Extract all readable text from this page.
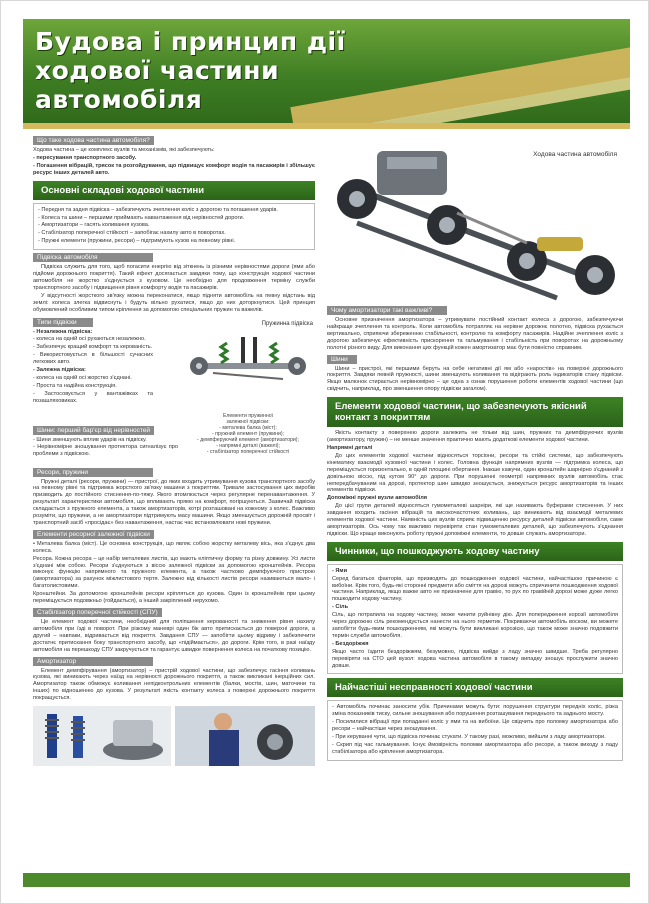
Будова і принцип дії
ходової частини
автомобіля
Що таке ходова частина автомобіля?

Ходова частина – це комплекс вузлів та механізмів, які забезпечують:

- пересування транспортного засобу.

- Погашення вібрацій, трясок та розгойдування, що підвищує комфорт водія та пасажирів і збільшує ресурс інших деталей авто.

Основні складові ходової частини

- Передня та задня підвіска – забезпечують зчеплення коліс з дорогою та погашення ударів.

- Колеса та шини – першими приймають навантаження від нерівностей дороги.

- Амортизатори – гасять коливання кузова.

- Стабілізатор поперечної стійкості – запобігає нахилу авто в поворотах.

- Пружні елементи (пружини, ресори) – підтримують кузов на певному рівні.

Підвіска автомобіля

Підвіска служить для того, щоб погасити енергію від зіткнень із різними нерівностями дороги (ями або підйоми дорожнього покриття). Такий ефект досягається завдяки тому, що конструкція ходової частини автомобіля не жорстко з'єднується з кузовом. Це необхідно для продовження терміну служби транспортного засобу і підвищення рівня комфорту водія та пасажирів.

У відсутності жорсткого зв'язку можна переконатися, якщо підняти автомобіль на певну відстань від землі: колеса злегка відвиснуть і будуть вільно рухатися, якщо до них доторкнутися. Цей принцип обумовлений особливим типом кріплення за допомогою спеціальних пружин та важелів.

Типи підвіски

- Незалежна підвіска:

- колеса на одній осі рухаються незалежно.

- Забезпечує кращий комфорт та керованість.

- Використовується в більшості сучасних легкових авто.

- Залежна підвіска:

- колеса на одній осі жорстко з'єднані.

- Проста та надійна конструкція.

- Застосовується у вантажівках та позашляховиках.

Пружинна підвіска
Елементи пружинної
залежної підвіски:
- металева балка (міст);
- пружний елемент (пружини);
- демпферуючий елемент (амортизатори);
- напрямні деталі (важелі);
- стабілізатор поперечної стійкості
Шини: перший бар'єр від нерівностей

- Шини зменшують вплив ударів на підвіску.

- Нерівномірне зношування протектора сигналізує про проблеми з підвіскою.

Ресори, пружини

Пружні деталі (ресори, пружини) — пристрої, до яких входить утримування кузова транспортного засобу на певному рівні та підтримка жорсткого зв'язку машини з покриттям. Тривале застосування цих виробів призводить до постійного стиснення-по-тяжу. Якого втомлюється через регулярне перенавантаження. У результаті характеристики автомобіля, що впливають прямо на комфорт, погіршуються. Зазвичай підвіска складається з пружного елемента, а також амортизаторів, котрі розташовані на кожному з колес. Важливо розуміти, що пружини, а не амортизатори підтримують масу машини. Якщо зменшується дорожній просвіт і транспортний засіб «просідає» без навантаження, настає час встановлювати нові пружини.

Елементи ресорної залежної підвіски

• Металева балка (міст). Це основна конструкція, що являє собою жорстку металеву вісь, яка з'єднує два колеса.

Ресора. Кожна ресора – це набір металевих листів, що мають еліптичну форму та різну довжину. Усі листи з'єднані між собою. Ресори з'єднуються з віссю залежної підвіски за допомогою кронштейнів. Ресора виконує функцію напрямного та пружного елемента, а також частково демпфуючого пристрою (амортизатора) за рахунок міжлистового тертя. Залежно від кількості листів ресори називаються мало- і багатолистовими.

Кронштейни. За допомогою кронштейнів ресори кріпляться до кузова. Один із кронштейнів при цьому переміщується подовжньо (гойдається), а інший закріплений нерухомо.

Стабілізатор поперечної стійкості (СПУ)

Це елемент ходової частини, необхідний для поліпшення керованості та зниження рівня нахилу автомобіля при їзді в поворот. При різкому маневрі один бік авто притискається до поверхні дороги, а другий – навпаки, відривається від покриття. Завдання СПУ — запобігти цьому відриву і забезпечити достатнє притискання боку транспортного засобу, що «підіймається», до дороги. Крім того, в разі наїзду автомобіля на перешкоду СПУ закручується та гарантує швидке повернення колеса на початкову позицію.

Амортизатор

Елемент демпфірування (амортизатор) – пристрій ходової частини, що забезпечує гасіння коливань кузова, які виникають через наїзд на нерівності дорожнього покриття, а також викликані інерційних сил. Амортизатор також обмежує коливання непідконтрольних елементів (балки, мостів, шин, маточини та інших) по відношенню до кузова. У результаті якість контакту колеса з поверхні дорожнього покриття покращується.

Ходова частина автомобіля
Чому амортизатори такі важливі?

Основне призначення амортизатора – утримувати постійний контакт колеса з дорогою, забезпечуючи найкраще зчеплення та контроль. Коли автомобіль потрапляє на нерівне дорожнє полотно, підвіска рухається вертикально, сприяючи збереженню стабільності, контролю та комфорту пасажирів. Надійне зчеплення коліс з дорогою забезпечує ефективність прискорення та гальмування і стабільність при поворотах на дорожньому полотні різного виду. Для виконання цих функцій кожен амортизатор має бути повністю справним.

Шини

Шини – пристрої, які першими беруть на себе негативні дії ям або «наростів» на поверхні дорожнього покриття. Завдяки певній пружності, шини зменшують коливання та відіграють роль індикаторів стану підвіски. Якщо малюнок стирається нерівномірно – це одна з ознак порушення роботи елементів ходової частини (що свідчить, наприклад, про зменшення опору підвіски загалом).

Елементи ходової частини, що забезпечують якісний контакт з покриттям

Якість контакту з поверхнею дороги залежить не тільки від шин, пружних та демпфіруючих вузлів (амортизатору, пружин) – не менше значення практично мають додаткові елементи ходової частини.

Напрямні деталі

До цих елементів ходової частини відносяться торсіони, ресори та стійкі системи, що забезпечують кінематику взаємодії кузовної частини і колес. Головна функція напрямних вузлів — підтримка колеса, що переміщується горизонтально, в одній площині обертання. Інакше кажучи, один кронштейн шарнірно з'єднаний з довільною віссю, під кутом 90° до дороги. При порушенні геометрії напрямних вузлів автомобіль стає непередбачуваним на дорозі, протектор шин швидко зношується, знижується ресурс амортизаторів та інших елементів підвіски.

Допоміжні пружні вузли автомобіля

До цієї групи деталей відносяться гумометалеві шарніри, які ще називають буферами стиснення. У них завдання входить гасіння вібрацій та високочастотних коливань, що виникають від взаємодії металевих елементів ходової частини. Наявність цих вузлів сприяє підвищенню ресурсу деталей підвіски автомобіля, саме амортизаторів. Ось чому так важливо перевіряти стан гумометалевих деталей, що забезпечують з'єднання підвіски. Що краще виконують роботу пружні допоміжні елементи, то довше служать амортизатори.

Чинники, що пошкоджують ходову частину

- Ями

Серед багатьох факторів, що призводять до пошкодження ходової частини, найчастішою причиною є вибоїни. Крім того, будь-які сторонні предмети або сміття на дорозі можуть спричинити пошкодження ходової частини. Наприклад, якщо важке авто не призначене для гравію, то рух по гравійній дорозі може дуже легко пошкодити ходову частину.

- Сіль

Сіль, що потрапила на ходову частину, може чинити руйнівну дію. Для попередження корозії автомобіля через дорожню сіль рекомендується нанести на нього герметик. Покриваючи автомобіль воском, ви можете запобігти будь-яким пошкодженням, які можуть бути викликані корозією, що також може значно подовжити термін служби автомобіля.

- Бездоріжжя

Якщо часто їздити бездоріжжям, безумовно, підвіска вийде з ладу значно швидше. Треба регулярно перевіряти на СТО цей вузол: ходова частина автомобіля в такому випадку зношує прослужити значно довше.

Найчастіші несправності ходової частини

- Автомобіль починає заносити убік. Причинами можуть бути: порушення структури передніх коліс, різка зміна показників тиску, сильне зношування або порушення розташування переднього та заднього мосту.

- Посилилися вібрації при попаданні коліс у ями та на вибоїни. Це свідчить про поломку амортизатора або ресори – найчастіше через зношування.

- При керуванні чути, що підвіска починає стукати. У такому разі, можливо, вийшли з ладу амортизатори.

- Скрип під час гальмування. Існує ймовірність поломки амортизатора або ресори, а також виходу з ладу стабілізатора або кріплення амортизатора.
